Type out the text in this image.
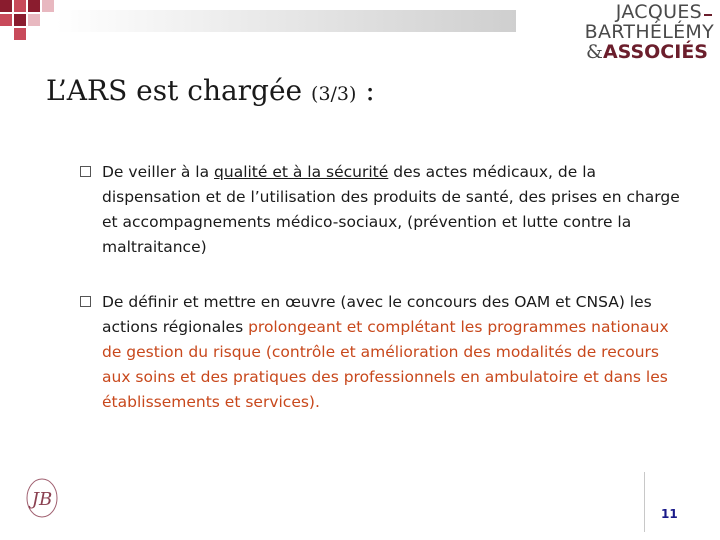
JACQUESBARTHÉLÉMY
&ASSOCIÉS
L’ARS est chargée (3/3) :
De veiller à la qualité et à la sécurité des actes médicaux, de la dispensation et de l’utilisation des produits de santé, des prises en charge et accompagnements médico-sociaux, (prévention et lutte contre la maltraitance)
De définir et mettre en œuvre (avec le concours des OAM et CNSA) les actions régionales prolongeant et complétant les programmes nationaux de gestion du risque (contrôle et amélioration des modalités de recours aux soins et des pratiques des professionnels en ambulatoire et dans les établissements et services).
JB
11
